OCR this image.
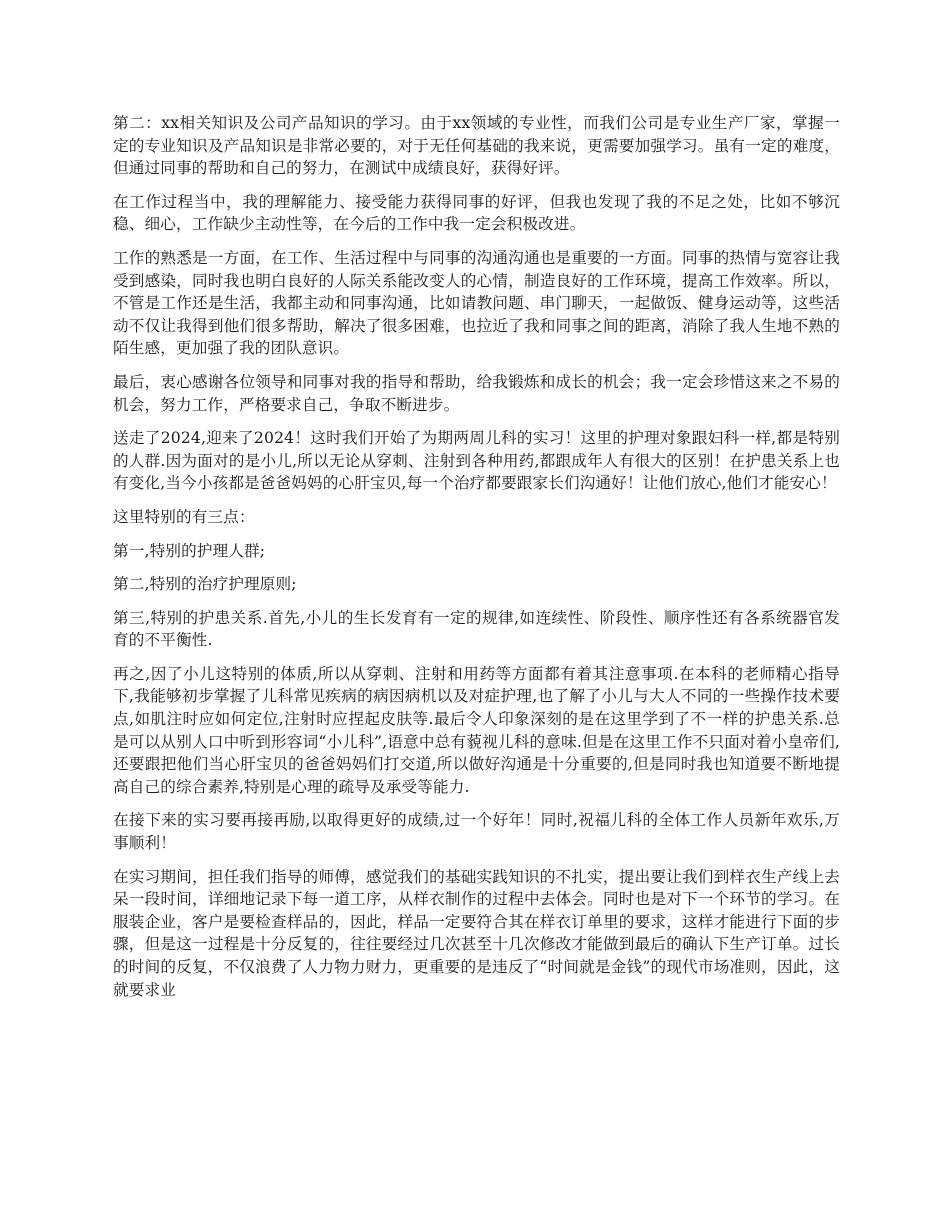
第二：xx相关知识及公司产品知识的学习。由于xx领域的专业性，而我们公司是专业生产厂家，掌握一定的专业知识及产品知识是非常必要的，对于无任何基础的我来说，更需要加强学习。虽有一定的难度，但通过同事的帮助和自己的努力，在测试中成绩良好，获得好评。

在工作过程当中，我的理解能力、接受能力获得同事的好评，但我也发现了我的不足之处，比如不够沉稳、细心，工作缺少主动性等，在今后的工作中我一定会积极改进。

工作的熟悉是一方面，在工作、生活过程中与同事的沟通沟通也是重要的一方面。同事的热情与宽容让我受到感染，同时我也明白良好的人际关系能改变人的心情，制造良好的工作环境，提高工作效率。所以，不管是工作还是生活，我都主动和同事沟通，比如请教问题、串门聊天，一起做饭、健身运动等，这些活动不仅让我得到他们很多帮助，解决了很多困难，也拉近了我和同事之间的距离，消除了我人生地不熟的陌生感，更加强了我的团队意识。

最后，衷心感谢各位领导和同事对我的指导和帮助，给我锻炼和成长的机会；我一定会珍惜这来之不易的机会，努力工作，严格要求自己，争取不断进步。

送走了2024,迎来了2024！这时我们开始了为期两周儿科的实习！这里的护理对象跟妇科一样,都是特别的人群.因为面对的是小儿,所以无论从穿刺、注射到各种用药,都跟成年人有很大的区别！在护患关系上也有变化,当今小孩都是爸爸妈妈的心肝宝贝,每一个治疗都要跟家长们沟通好！让他们放心,他们才能安心！

这里特别的有三点：

第一,特别的护理人群;

第二,特别的治疗护理原则;

第三,特别的护患关系.首先,小儿的生长发育有一定的规律,如连续性、阶段性、顺序性还有各系统器官发育的不平衡性.

再之,因了小儿这特别的体质,所以从穿刺、注射和用药等方面都有着其注意事项.在本科的老师精心指导下,我能够初步掌握了儿科常见疾病的病因病机以及对症护理,也了解了小儿与大人不同的一些操作技术要点,如肌注时应如何定位,注射时应捏起皮肤等.最后令人印象深刻的是在这里学到了不一样的护患关系.总是可以从别人口中听到形容词“小儿科”,语意中总有藐视儿科的意味.但是在这里工作不只面对着小皇帝们,还要跟把他们当心肝宝贝的爸爸妈妈们打交道,所以做好沟通是十分重要的,但是同时我也知道要不断地提高自己的综合素养,特别是心理的疏导及承受等能力.

在接下来的实习要再接再励,以取得更好的成绩,过一个好年！同时,祝福儿科的全体工作人员新年欢乐,万事顺利！

在实习期间，担任我们指导的师傅，感觉我们的基础实践知识的不扎实，提出要让我们到样衣生产线上去呆一段时间，详细地记录下每一道工序，从样衣制作的过程中去体会。同时也是对下一个环节的学习。在服装企业，客户是要检查样品的，因此，样品一定要符合其在样衣订单里的要求，这样才能进行下面的步骤，但是这一过程是十分反复的，往往要经过几次甚至十几次修改才能做到最后的确认下生产订单。过长的时间的反复，不仅浪费了人力物力财力，更重要的是违反了“时间就是金钱”的现代市场准则，因此，这就要求业
